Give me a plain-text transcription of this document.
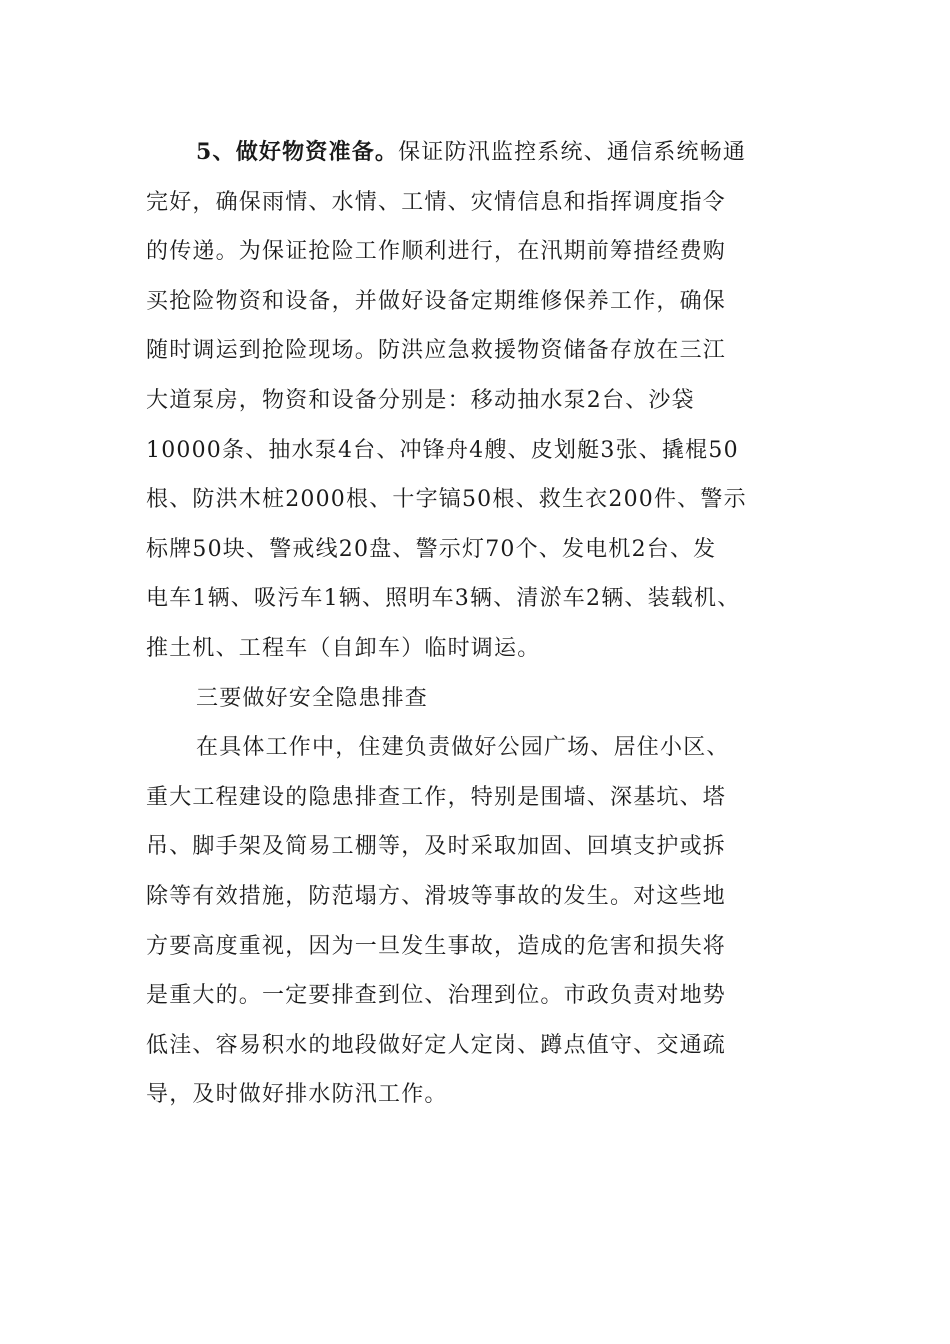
5、做好物资准备。保证防汛监控系统、通信系统畅通
完好，确保雨情、水情、工情、灾情信息和指挥调度指令
的传递。为保证抢险工作顺利进行，在汛期前筹措经费购
买抢险物资和设备，并做好设备定期维修保养工作，确保
随时调运到抢险现场。防洪应急救援物资储备存放在三江
大道泵房，物资和设备分别是：移动抽水泵2台、沙袋
10000条、抽水泵4台、冲锋舟4艘、皮划艇3张、撬棍50
根、防洪木桩2000根、十字镐50根、救生衣200件、警示
标牌50块、警戒线20盘、警示灯70个、发电机2台、发
电车1辆、吸污车1辆、照明车3辆、清淤车2辆、装载机、
推土机、工程车（自卸车）临时调运。
三要做好安全隐患排查
在具体工作中，住建负责做好公园广场、居住小区、
重大工程建设的隐患排查工作，特别是围墙、深基坑、塔
吊、脚手架及简易工棚等，及时采取加固、回填支护或拆
除等有效措施，防范塌方、滑坡等事故的发生。对这些地
方要高度重视，因为一旦发生事故，造成的危害和损失将
是重大的。一定要排查到位、治理到位。市政负责对地势
低洼、容易积水的地段做好定人定岗、蹲点值守、交通疏
导，及时做好排水防汛工作。
